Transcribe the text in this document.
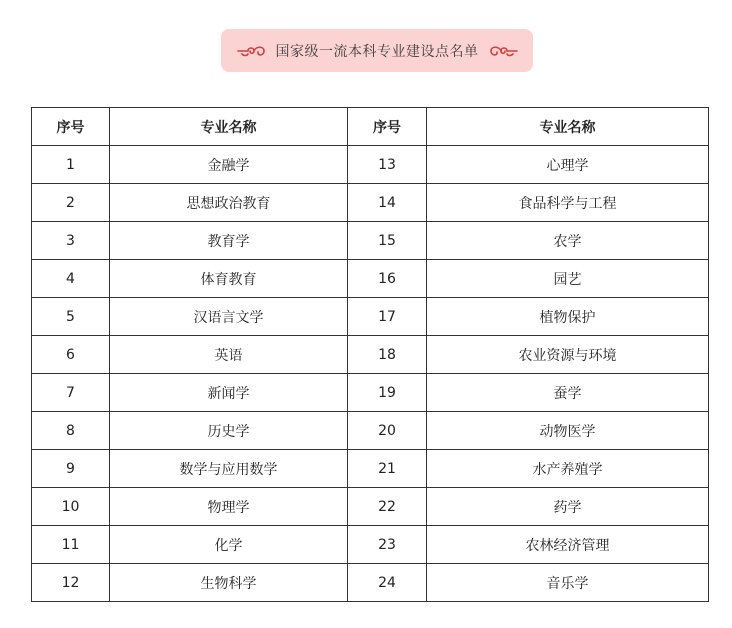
国家级一流本科专业建设点名单
序号	专业名称	序号	专业名称
1	金融学	13	心理学
2	思想政治教育	14	食品科学与工程
3	教育学	15	农学
4	体育教育	16	园艺
5	汉语言文学	17	植物保护
6	英语	18	农业资源与环境
7	新闻学	19	蚕学
8	历史学	20	动物医学
9	数学与应用数学	21	水产养殖学
10	物理学	22	药学
11	化学	23	农林经济管理
12	生物科学	24	音乐学
